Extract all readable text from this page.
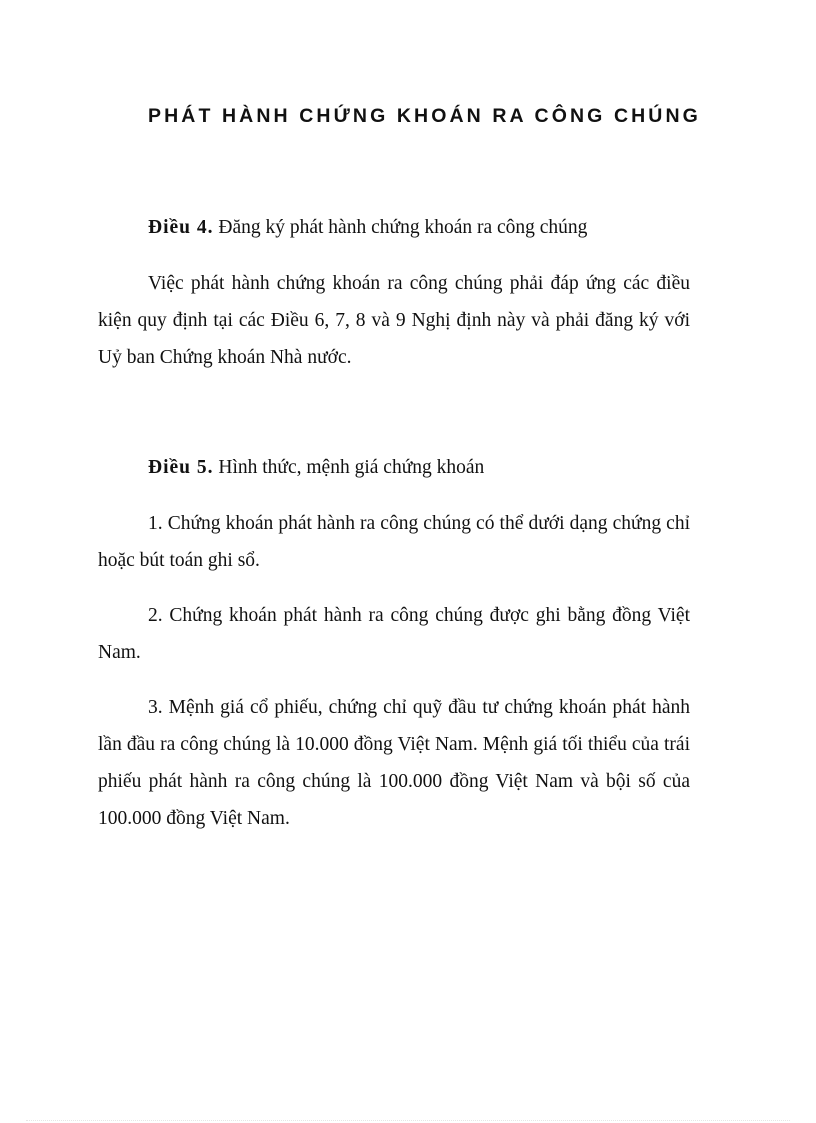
PHÁT HÀNH CHỨNG KHOÁN RA CÔNG CHÚNG
Điều 4. Đăng ký phát hành chứng khoán ra công chúng
Việc phát hành chứng khoán ra công chúng phải đáp ứng các điều kiện quy định tại các Điều 6, 7, 8 và 9 Nghị định này và phải đăng ký với Uỷ ban Chứng khoán Nhà nước.
Điều 5. Hình thức, mệnh giá chứng khoán
1. Chứng khoán phát hành ra công chúng có thể dưới dạng chứng chỉ hoặc bút toán ghi sổ.
2. Chứng khoán phát hành ra công chúng được ghi bằng đồng Việt Nam.
3. Mệnh giá cổ phiếu, chứng chỉ quỹ đầu tư chứng khoán phát hành lần đầu ra công chúng là 10.000 đồng Việt Nam. Mệnh giá tối thiểu của trái phiếu phát hành ra công chúng là 100.000 đồng Việt Nam và bội số của 100.000 đồng Việt Nam.
